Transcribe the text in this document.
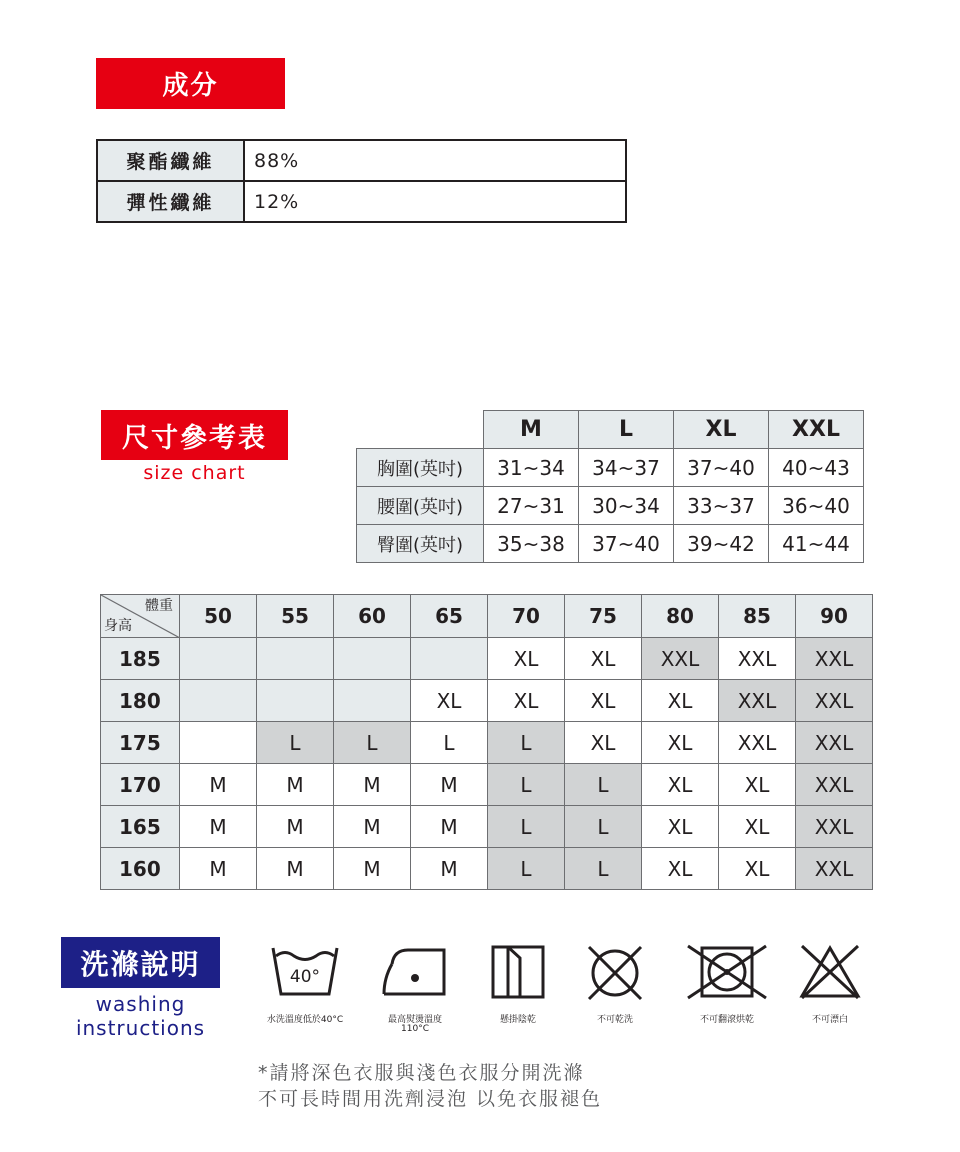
成分
聚酯纖維	88%
彈性纖維	12%
尺寸參考表
size chart
	M	L	XL	XXL
胸圍(英吋)	31~34	34~37	37~40	40~43
腰圍(英吋)	27~31	30~34	33~37	36~40
臀圍(英吋)	35~38	37~40	39~42	41~44
體重
身高	50	55	60	65	70	75	80	85	90
185					XL	XL	XXL	XXL	XXL
180				XL	XL	XL	XL	XXL	XXL
175		L	L	L	L	XL	XL	XXL	XXL
170	M	M	M	M	L	L	XL	XL	XXL
165	M	M	M	M	L	L	XL	XL	XXL
160	M	M	M	M	L	L	XL	XL	XXL
洗滌說明
washing
instructions
40°
水洗溫度低於40°C	最高熨燙溫度
110°C
懸掛陰乾	不可乾洗	不可翻滾烘乾	不可漂白
*請將深色衣服與淺色衣服分開洗滌
不可長時間用洗劑浸泡 以免衣服褪色
